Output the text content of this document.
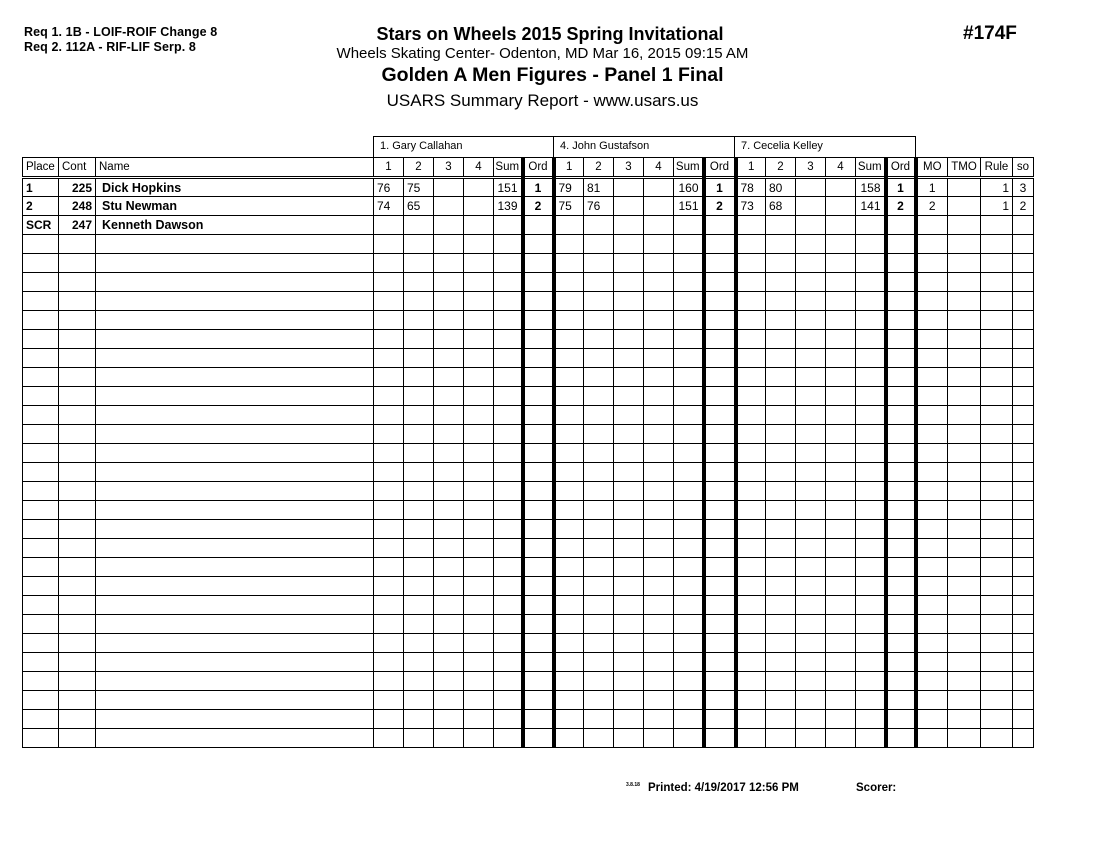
Req 1. 1B - LOIF-ROIF Change 8
Req 2. 112A - RIF-LIF Serp. 8
Stars on Wheels 2015 Spring Invitational
Wheels Skating Center- Odenton, MD Mar 16, 2015 09:15 AM
Golden A Men Figures - Panel 1 Final
USARS Summary Report - www.usars.us
#174F
1. Gary Callahan	4. John Gustafson	7. Cecelia Kelley
Place	Cont	Name	1	2	3	4	Sum	Ord	1	2	3	4	Sum	Ord	1	2	3	4	Sum	Ord	MO	TMO	Rule	so
1	225	Dick Hopkins	76	75			151	1	79	81			160	1	78	80			158	1	1		1	3
2	248	Stu Newman	74	65			139	2	75	76			151	2	73	68			141	2	2		1	2
SCR	247	Kenneth Dawson																						

3.8.18 Printed: 4/19/2017 12:56 PM	Scorer:
